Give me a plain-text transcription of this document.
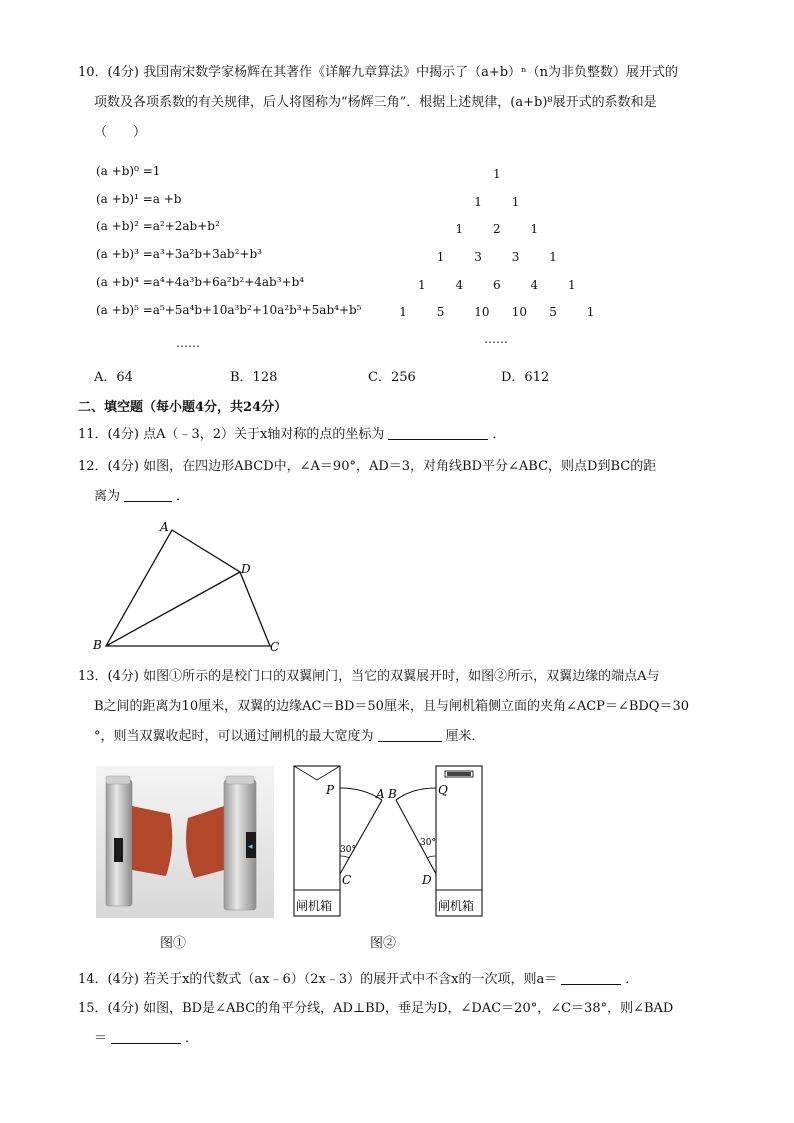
10．(4分) 我国南宋数学家杨辉在其著作《详解九章算法》中揭示了（a+b）ⁿ（n为非负整数）展开式的
项数及各项系数的有关规律，后人将图称为“杨辉三角”．根据上述规律，(a+b)⁸展开式的系数和是
（　　）
(a +b)⁰ =1
(a +b)¹ =a +b
(a +b)² =a²+2ab+b²
(a +b)³ =a³+3a²b+3ab²+b³
(a +b)⁴ =a⁴+4a³b+6a²b²+4ab³+b⁴
(a +b)⁵ =a⁵+5a⁴b+10a³b²+10a²b³+5ab⁴+b⁵
……
1
1 1
1 2 1
1 3 3 1
1 4 6 4 1
1 5 10 10 5 1
……
A．64	B．128	C．256	D．612
二、填空题（每小题4分，共24分）
11．(4分) 点A（﹣3，2）关于x轴对称的点的坐标为	．
12．(4分) 如图，在四边形ABCD中，∠A＝90°，AD＝3，对角线BD平分∠ABC，则点D到BC的距
离为	．
A
D
B	C
13．(4分) 如图①所示的是校门口的双翼闸门，当它的双翼展开时，如图②所示，双翼边缘的端点A与
B之间的距离为10厘米，双翼的边缘AC＝BD＝50厘米，且与闸机箱侧立面的夹角∠ACP＝∠BDQ＝30
°，则当双翼收起时，可以通过闸机的最大宽度为	厘米．
◂
图①
P	A B	Q
C	D
30°
30°
闸机箱	闸机箱
图②
14．(4分) 若关于x的代数式（ax﹣6）（2x﹣3）的展开式中不含x的一次项，则a＝	．
15．(4分) 如图，BD是∠ABC的角平分线，AD⊥BD，垂足为D，∠DAC＝20°，∠C＝38°，则∠BAD
＝	．
